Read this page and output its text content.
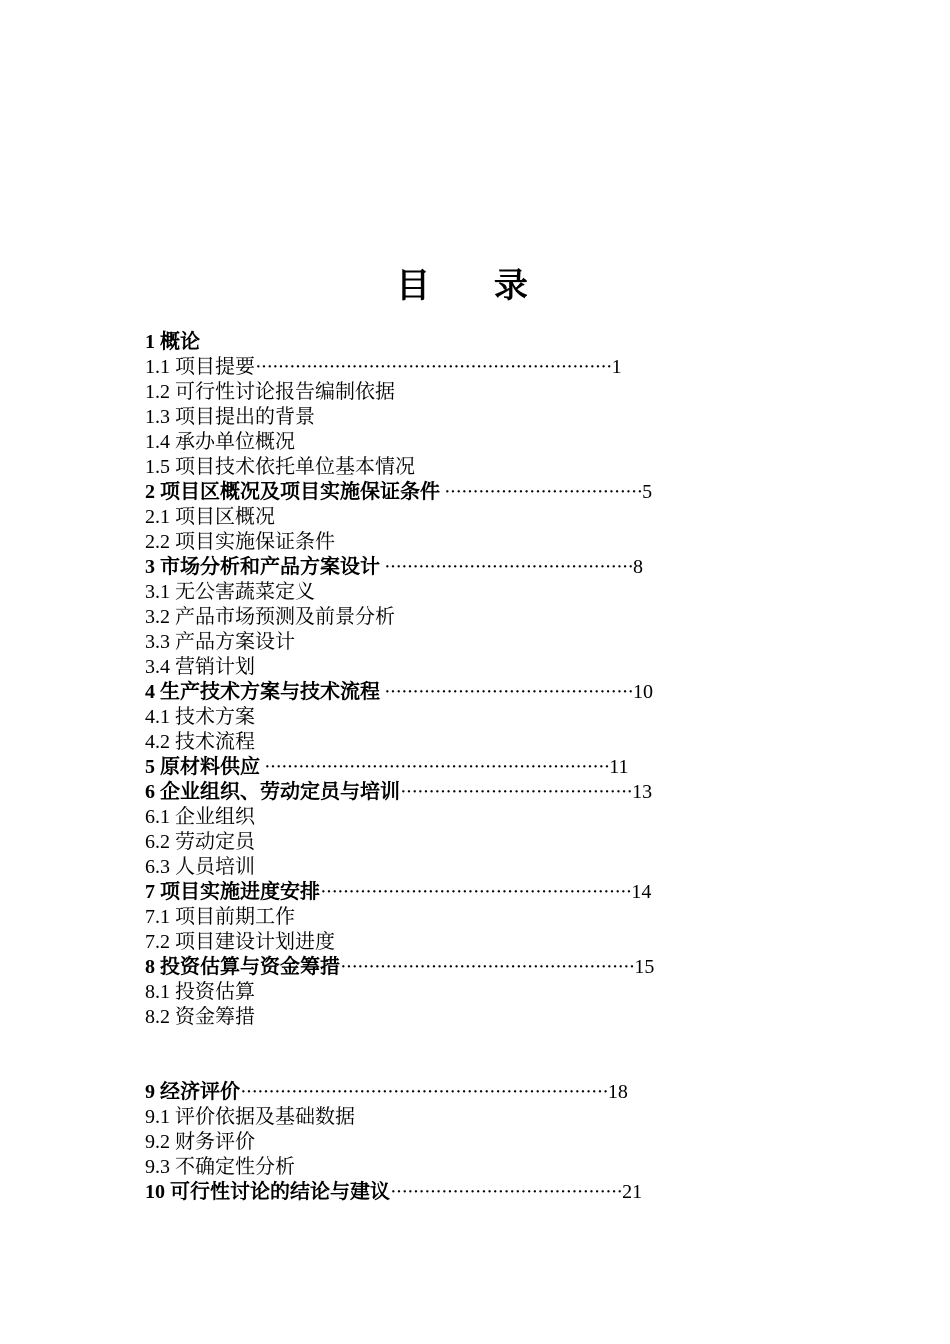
目 录
1 概论
1.1 项目提要·······························································1
1.2 可行性讨论报告编制依据
1.3 项目提出的背景
1.4 承办单位概况
1.5 项目技术依托单位基本情况
2 项目区概况及项目实施保证条件 ···································5
2.1 项目区概况
2.2 项目实施保证条件
3 市场分析和产品方案设计 ············································8
3.1 无公害蔬菜定义
3.2 产品市场预测及前景分析
3.3 产品方案设计
3.4 营销计划
4 生产技术方案与技术流程 ············································10
4.1 技术方案
4.2 技术流程
5 原材料供应 ·····························································11
6 企业组织、劳动定员与培训·········································13
6.1 企业组织
6.2 劳动定员
6.3 人员培训
7 项目实施进度安排·······················································14
7.1 项目前期工作
7.2 项目建设计划进度
8 投资估算与资金筹措····················································15
8.1 投资估算
8.2 资金筹措
9 经济评价·································································18
9.1 评价依据及基础数据
9.2 财务评价
9.3 不确定性分析
10 可行性讨论的结论与建议·········································21
